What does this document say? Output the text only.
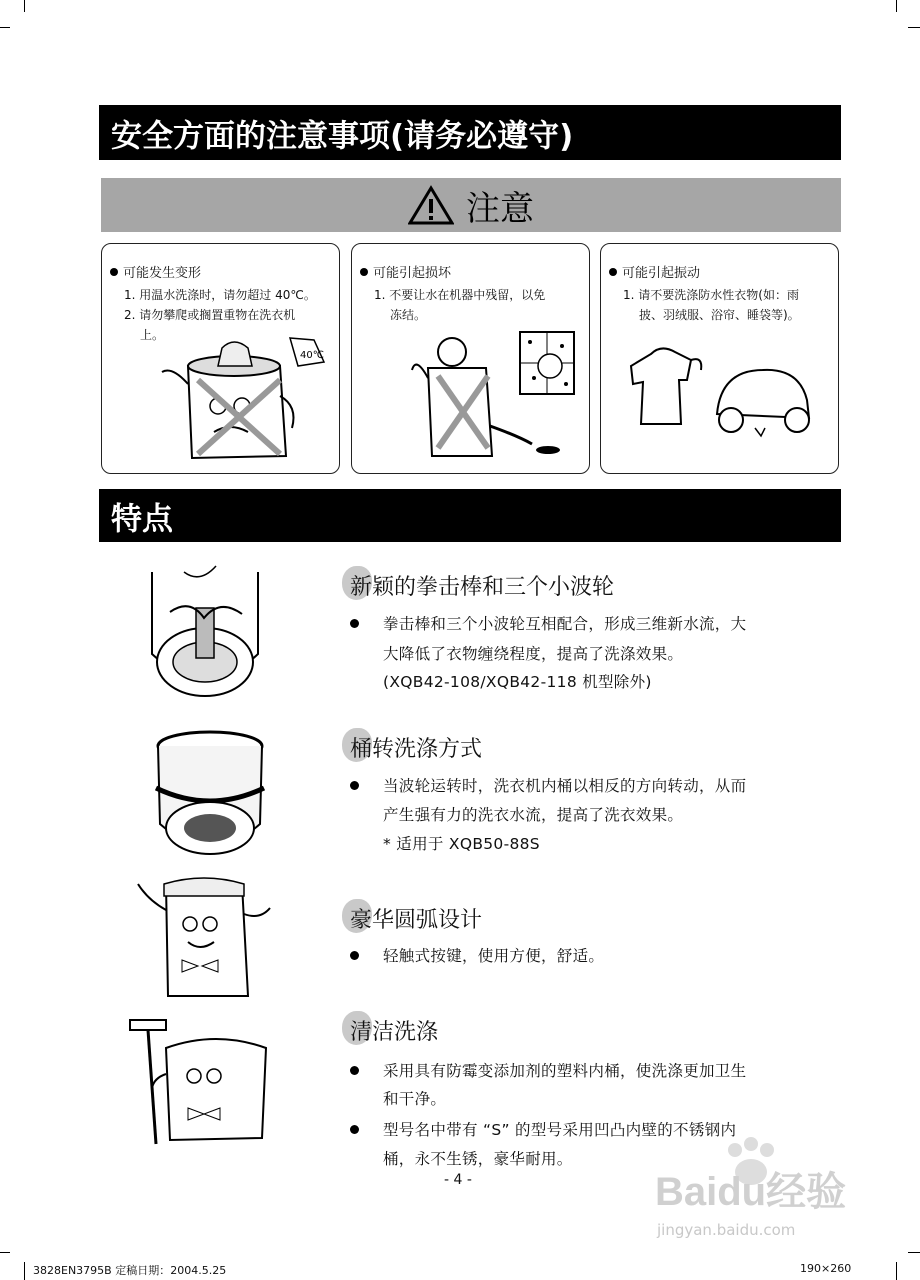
安全方面的注意事项(请务必遵守)
注意
可能发生变形
1. 用温水洗涤时，请勿超过 40℃。
2. 请勿攀爬或搁置重物在洗衣机
上。
40℃
可能引起损坏
1. 不要让水在机器中残留，以免
冻结。
可能引起振动
1. 请不要洗涤防水性衣物(如：雨
披、羽绒服、浴帘、睡袋等)。
特点
新颖的拳击棒和三个小波轮
拳击棒和三个小波轮互相配合，形成三维新水流，大
大降低了衣物缠绕程度，提高了洗涤效果。
(XQB42-108/XQB42-118 机型除外)
桶转洗涤方式
当波轮运转时，洗衣机内桶以相反的方向转动，从而
产生强有力的洗衣水流，提高了洗衣效果。
* 适用于 XQB50-88S
豪华圆弧设计
轻触式按键，使用方便，舒适。
清洁洗涤
采用具有防霉变添加剂的塑料内桶，使洗涤更加卫生
和干净。
型号名中带有 “S” 的型号采用凹凸内壁的不锈钢内
桶，永不生锈，豪华耐用。
- 4 -	Baidu经验
jingyan.baidu.com
3828EN3795B 定稿日期：2004.5.25	190×260
